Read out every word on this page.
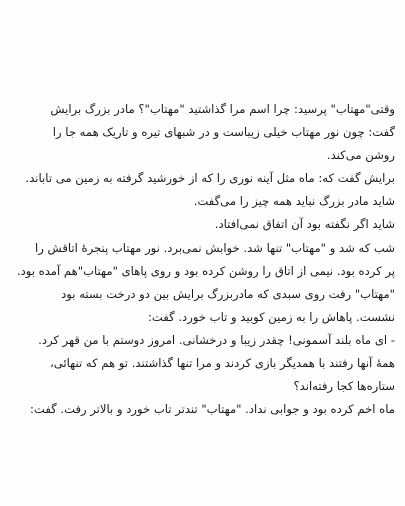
وقتی"مهتاب" پرسید: چرا اسم مرا گذاشتید "مهتاب"؟ مادر بزرگ برایش
گفت: چون نور مهتاب خیلی زیباست و در شبهای تیره و تاریک همه جا را
روشن می‌کند.
برایش گفت که: ماه مثل آینه نوری را که از خورشید گرفته به زمین می تاباند.
شاید مادر بزرگ نباید همه چیز را می‌گفت.
شاید اگر نگفته بود آن اتفاق نمی‌افتاد.
شب که شد و "مهتاب" تنها شد. خوابش نمی‌برد. نور مهتاب پنجرهٔ اتاقش را
پر کرده بود. نیمی از اتاق را روشن کرده بود و روی پاهای "مهتاب"هم آمده بود.
"مهتاب" رفت روی سبدی که مادربزرگ برایش بین دو درخت بسته بود
نشست. پاهاش را به زمین کوبید و تاب خورد. گفت:
- ای ماه بلند آسمونی! چقدر زیبا و درخشانی. امروز دوستم با من قهر کرد.
همهٔ آنها رفتند با همدیگر بازی کردند و مرا تنها گذاشتند. تو هم که تنهائی،
ستاره‌ها کجا رفته‌اند؟
ماه اخم کرده بود و جوابی نداد. "مهتاب" تندتر تاب خورد و بالاتر رفت. گفت:
